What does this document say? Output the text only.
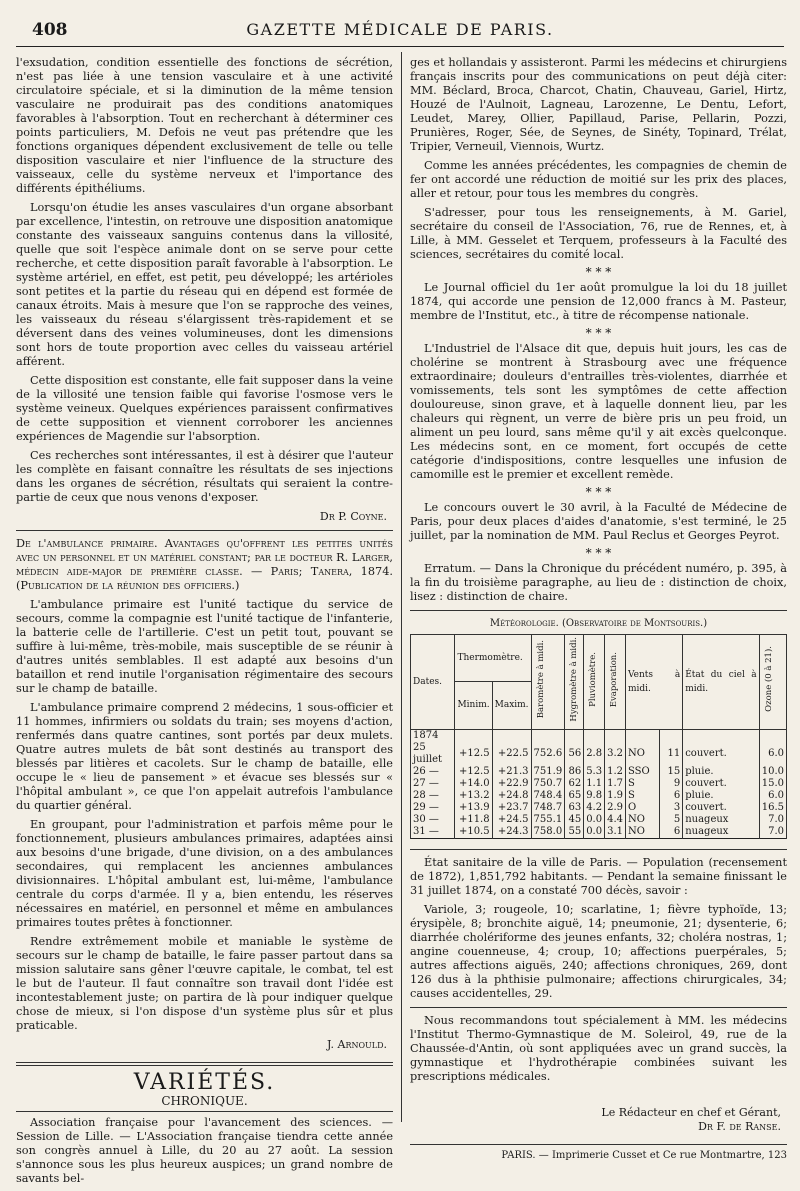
408	GAZETTE MÉDICALE DE PARIS.

l'exsudation, condition essentielle des fonctions de sécrétion, n'est pas liée à une tension vasculaire et à une activité circulatoire spéciale, et si la diminution de la même tension vasculaire ne produirait pas des conditions anatomiques favorables à l'absorption. Tout en recherchant à déterminer ces points particuliers, M. Defois ne veut pas prétendre que les fonctions organiques dépendent exclusivement de telle ou telle disposition vasculaire et nier l'influence de la structure des vaisseaux, celle du système nerveux et l'importance des différents épithéliums.

Lorsqu'on étudie les anses vasculaires d'un organe absorbant par excellence, l'intestin, on retrouve une disposition anatomique constante des vaisseaux sanguins contenus dans la villosité, quelle que soit l'espèce animale dont on se serve pour cette recherche, et cette disposition paraît favorable à l'absorption. Le système artériel, en effet, est petit, peu développé; les artérioles sont petites et la partie du réseau qui en dépend est formée de canaux étroits. Mais à mesure que l'on se rapproche des veines, les vaisseaux du réseau s'élargissent très-rapidement et se déversent dans des veines volumineuses, dont les dimensions sont hors de toute proportion avec celles du vaisseau artériel afférent.

Cette disposition est constante, elle fait supposer dans la veine de la villosité une tension faible qui favorise l'osmose vers le système veineux. Quelques expériences paraissent confirmatives de cette supposition et viennent corroborer les anciennes expériences de Magendie sur l'absorption.

Ces recherches sont intéressantes, il est à désirer que l'auteur les complète en faisant connaître les résultats de ses injections dans les organes de sécrétion, résultats qui seraient la contre-partie de ceux que nous venons d'exposer.

Dr P. Coyne.

De l'ambulance primaire. Avantages qu'offrent les petites unités avec un personnel et un matériel constant; par le docteur R. Larger, médecin aide-major de première classe. — Paris; Tanera, 1874. (Publication de la réunion des officiers.)

L'ambulance primaire est l'unité tactique du service de secours, comme la compagnie est l'unité tactique de l'infanterie, la batterie celle de l'artillerie. C'est un petit tout, pouvant se suffire à lui-même, très-mobile, mais susceptible de se réunir à d'autres unités semblables. Il est adapté aux besoins d'un bataillon et rend inutile l'organisation régimentaire des secours sur le champ de bataille.

L'ambulance primaire comprend 2 médecins, 1 sous-officier et 11 hommes, infirmiers ou soldats du train; ses moyens d'action, renfermés dans quatre cantines, sont portés par deux mulets. Quatre autres mulets de bât sont destinés au transport des blessés par litières et cacolets. Sur le champ de bataille, elle occupe le « lieu de pansement » et évacue ses blessés sur « l'hôpital ambulant », ce que l'on appelait autrefois l'ambulance du quartier général.

En groupant, pour l'administration et parfois même pour le fonctionnement, plusieurs ambulances primaires, adaptées ainsi aux besoins d'une brigade, d'une division, on a des ambulances secondaires, qui remplacent les anciennes ambulances divisionnaires. L'hôpital ambulant est, lui-même, l'ambulance centrale du corps d'armée. Il y a, bien entendu, les réserves nécessaires en matériel, en personnel et même en ambulances primaires toutes prêtes à fonctionner.

Rendre extrêmement mobile et maniable le système de secours sur le champ de bataille, le faire passer partout dans sa mission salutaire sans gêner l'œuvre capitale, le combat, tel est le but de l'auteur. Il faut connaître son travail dont l'idée est incontestablement juste; on partira de là pour indiquer quelque chose de mieux, si l'on dispose d'un système plus sûr et plus praticable.

J. Arnould.

VARIÉTÉS.
CHRONIQUE.

Association française pour l'avancement des sciences. — Session de Lille. — L'Association française tiendra cette année son congrès annuel à Lille, du 20 au 27 août. La session s'annonce sous les plus heureux auspices; un grand nombre de savants bel-

ges et hollandais y assisteront. Parmi les médecins et chirurgiens français inscrits pour des communications on peut déjà citer: MM. Béclard, Broca, Charcot, Chatin, Chauveau, Gariel, Hirtz, Houzé de l'Aulnoit, Lagneau, Larozenne, Le Dentu, Lefort, Leudet, Marey, Ollier, Papillaud, Parise, Pellarin, Pozzi, Prunières, Roger, Sée, de Seynes, de Sinéty, Topinard, Trélat, Tripier, Verneuil, Viennois, Wurtz.

Comme les années précédentes, les compagnies de chemin de fer ont accordé une réduction de moitié sur les prix des places, aller et retour, pour tous les membres du congrès.

S'adresser, pour tous les renseignements, à M. Gariel, secrétaire du conseil de l'Association, 76, rue de Rennes, et, à Lille, à MM. Gesselet et Terquem, professeurs à la Faculté des sciences, secrétaires du comité local.

* * *

Le Journal officiel du 1er août promulgue la loi du 18 juillet 1874, qui accorde une pension de 12,000 francs à M. Pasteur, membre de l'Institut, etc., à titre de récompense nationale.

* * *

L'Industriel de l'Alsace dit que, depuis huit jours, les cas de cholérine se montrent à Strasbourg avec une fréquence extraordinaire; douleurs d'entrailles très-violentes, diarrhée et vomissements, tels sont les symptômes de cette affection douloureuse, sinon grave, et à laquelle donnent lieu, par les chaleurs qui règnent, un verre de bière pris un peu froid, un aliment un peu lourd, sans même qu'il y ait excès quelconque. Les médecins sont, en ce moment, fort occupés de cette catégorie d'indispositions, contre lesquelles une infusion de camomille est le premier et excellent remède.

* * *

Le concours ouvert le 30 avril, à la Faculté de Médecine de Paris, pour deux places d'aides d'anatomie, s'est terminé, le 25 juillet, par la nomination de MM. Paul Reclus et Georges Peyrot.

* * *

Erratum. — Dans la Chronique du précédent numéro, p. 395, à la fin du troisième paragraphe, au lieu de : distinction de choix, lisez : distinction de chaire.

Météorologie. (Observatoire de Montsouris.)
Dates.	Thermomètre.		Baromètre à midi.	Hygromètre à midi.	Pluviomètre.	Evaporation.	Vents à midi.		État du ciel à midi.	Ozone (0 à 21).
	Minim.	Maxim.								
1874										
25 juillet	+12.5	+22.5	752.6	56	2.8	3.2	NO	11	couvert.	6.0
26 —	+12.5	+21.3	751.9	86	5.3	1.2	SSO	15	pluie.	10.0
27 —	+14.0	+22.9	750.7	62	1.1	1.7	S	9	couvert.	15.0
28 —	+13.2	+24.8	748.4	65	9.8	1.9	S	6	pluie.	6.0
29 —	+13.9	+23.7	748.7	63	4.2	2.9	O	3	couvert.	16.5
30 —	+11.8	+24.5	755.1	45	0.0	4.4	NO	5	nuageux	7.0
31 —	+10.5	+24.3	758.0	55	0.0	3.1	NO	6	nuageux	7.0

État sanitaire de la ville de Paris. — Population (recensement de 1872), 1,851,792 habitants. — Pendant la semaine finissant le 31 juillet 1874, on a constaté 700 décès, savoir :

Variole, 3; rougeole, 10; scarlatine, 1; fièvre typhoïde, 13; érysipèle, 8; bronchite aiguë, 14; pneumonie, 21; dysenterie, 6; diarrhée cholériforme des jeunes enfants, 32; choléra nostras, 1; angine couenneuse, 4; croup, 10; affections puerpérales, 5; autres affections aiguës, 240; affections chroniques, 269, dont 126 dus à la phthisie pulmonaire; affections chirurgicales, 34; causes accidentelles, 29.

Nous recommandons tout spécialement à MM. les médecins l'Institut Thermo-Gymnastique de M. Soleirol, 49, rue de la Chaussée-d'Antin, où sont appliquées avec un grand succès, la gymnastique et l'hydrothérapie combinées suivant les prescriptions médicales.

Le Rédacteur en chef et Gérant,
Dr F. de Ranse.
PARIS. — Imprimerie Cusset et Ce rue Montmartre, 123
